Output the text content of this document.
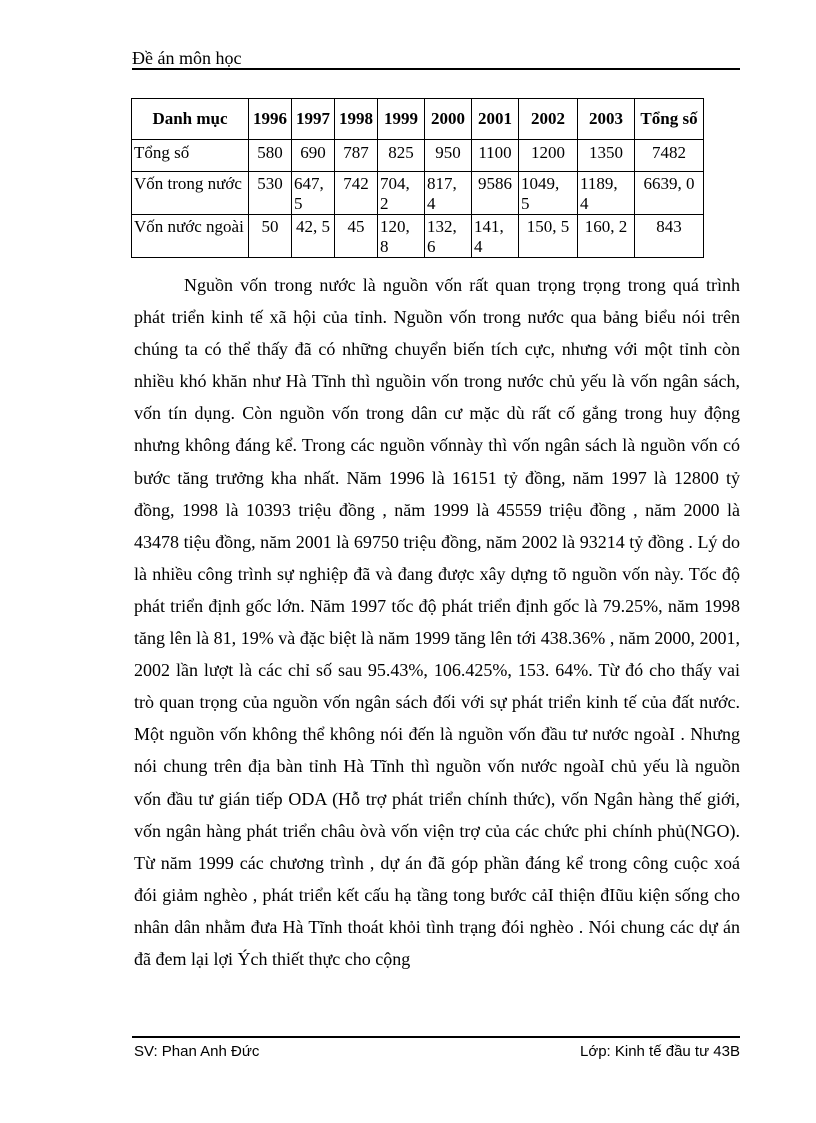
Đề án môn học
Danh mục	1996	1997	1998	1999	2000	2001	2002	2003	Tổng số
Tổng số	580	690	787	825	950	1100	1200	1350	7482
Vốn trong nước	530	647, 5	742	704, 2	817, 4	9586	1049, 5	1189, 4	6639, 0
Vốn nước ngoài	50	42, 5	45	120, 8	132, 6	141, 4	150, 5	160, 2	843

Nguồn vốn trong nước là nguồn vốn rất quan trọng trọng trong quá trình phát triển kinh tế xã hội của tỉnh. Nguồn vốn trong nước qua bảng biểu nói trên chúng ta có thể thấy đã có những chuyển biến tích cực, nhưng với một tỉnh còn nhiều khó khăn như Hà Tĩnh thì nguồin vốn trong nước chủ yếu là vốn ngân sách, vốn tín dụng. Còn nguồn vốn trong dân cư mặc dù rất cố gắng trong huy động nhưng không đáng kể. Trong các nguồn vốnnày thì vốn ngân sách là nguồn vốn có bước tăng trưởng kha nhất. Năm 1996 là 16151 tỷ đồng, năm 1997 là 12800 tỷ đồng, 1998 là 10393 triệu đồng , năm 1999 là 45559 triệu đồng , năm 2000 là 43478 tiệu đồng, năm 2001 là 69750 triệu đồng, năm 2002 là 93214 tỷ đồng . Lý do là nhiều công trình sự nghiệp đã và đang được xây dựng tõ nguồn vốn này. Tốc độ phát triển định gốc lớn. Năm 1997 tốc độ phát triển định gốc là 79.25%, năm 1998 tăng lên là 81, 19% và đặc biệt là năm 1999 tăng lên tới 438.36% , năm 2000, 2001, 2002 lần lượt là các chỉ số sau 95.43%, 106.425%, 153. 64%. Từ đó cho thấy vai trò quan trọng của nguồn vốn ngân sách đối với sự phát triển kinh tế của đất nước. Một nguồn vốn không thể không nói đến là nguồn vốn đầu tư nước ngoàI . Nhưng nói chung trên địa bàn tỉnh Hà Tĩnh thì nguồn vốn nước ngoàI chủ yếu là nguồn vốn đầu tư gián tiếp ODA (Hỗ trợ phát triển chính thức), vốn Ngân hàng thế giới, vốn ngân hàng phát triển châu òvà vốn viện trợ của các chức phi chính phủ(NGO). Từ năm 1999 các chương trình , dự án đã góp phần đáng kể trong công cuộc xoá đói giảm nghèo , phát triển kết cấu hạ tầng tong bước cảI thiện đIũu kiện sống cho nhân dân nhằm đưa Hà Tĩnh thoát khỏi tình trạng đói nghèo . Nói chung các dự án đã đem lại lợi Ých thiết thực cho cộng

SV: Phan Anh Đức	Lớp: Kinh tế đầu tư 43B
